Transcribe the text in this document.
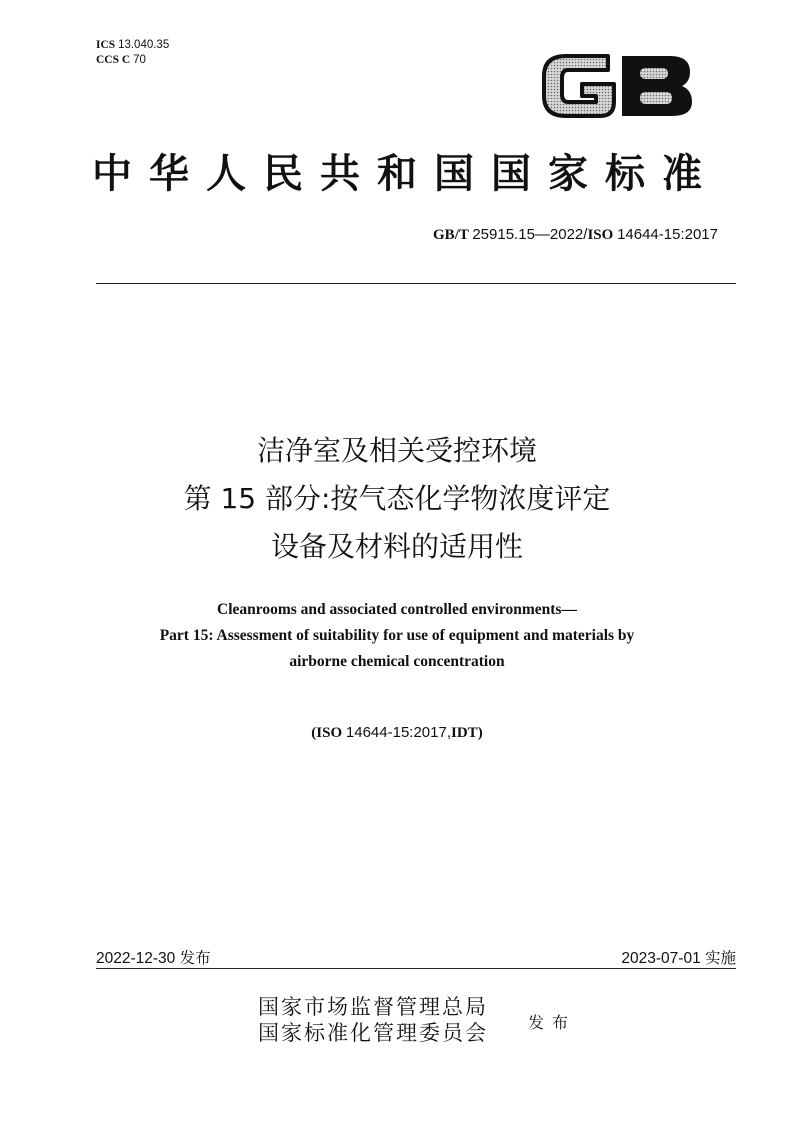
ICS 13.040.35
CCS C 70
中华人民共和国国家标准
GB/T 25915.15—2022/ISO 14644-15:2017
洁净室及相关受控环境
第 15 部分:按气态化学物浓度评定
设备及材料的适用性
Cleanrooms and associated controlled environments—
Part 15: Assessment of suitability for use of equipment and materials by
airborne chemical concentration
(ISO 14644-15:2017,IDT)
2022-12-30 发布	2023-07-01 实施
国家市场监督管理总局
国家标准化管理委员会	发布
